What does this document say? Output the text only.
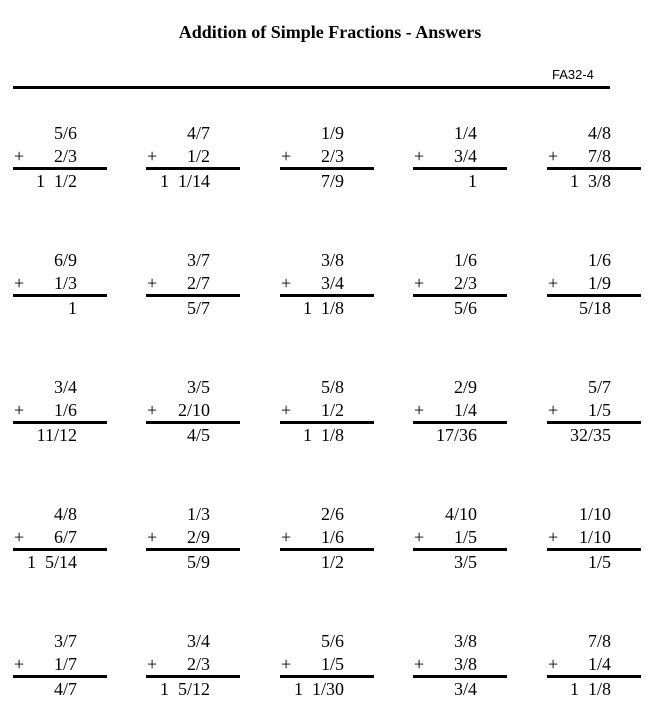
Addition of Simple Fractions - Answers
FA32-4
5/6
+ 2/3
1  1/2
4/7
+ 1/2
1  1/14
1/9
+ 2/3
7/9
1/4
+ 3/4
1
4/8
+ 7/8
1  3/8
6/9
+ 1/3
1
3/7
+ 2/7
5/7
3/8
+ 3/4
1  1/8
1/6
+ 2/3
5/6
1/6
+ 1/9
5/18
3/4
+ 1/6
11/12
3/5
+ 2/10
4/5
5/8
+ 1/2
1  1/8
2/9
+ 1/4
17/36
5/7
+ 1/5
32/35
4/8
+ 6/7
1  5/14
1/3
+ 2/9
5/9
2/6
+ 1/6
1/2
4/10
+ 1/5
3/5
1/10
+ 1/10
1/5
3/7
+ 1/7
4/7
3/4
+ 2/3
1  5/12
5/6
+ 1/5
1  1/30
3/8
+ 3/8
3/4
7/8
+ 1/4
1  1/8
